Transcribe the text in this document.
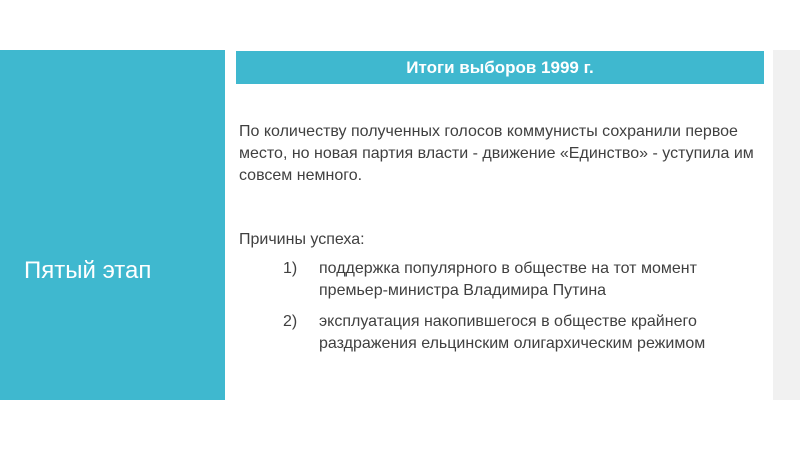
Пятый этап
Итоги выборов 1999 г.
По количеству полученных голосов коммунисты сохранили первое место, но новая партия власти - движение «Единство» - уступила им совсем немного.
Причины успеха:
1) поддержка популярного в обществе на тот момент премьер-министра Владимира Путина
2) эксплуатация накопившегося в обществе крайнего раздражения ельцинским олигархическим режимом
